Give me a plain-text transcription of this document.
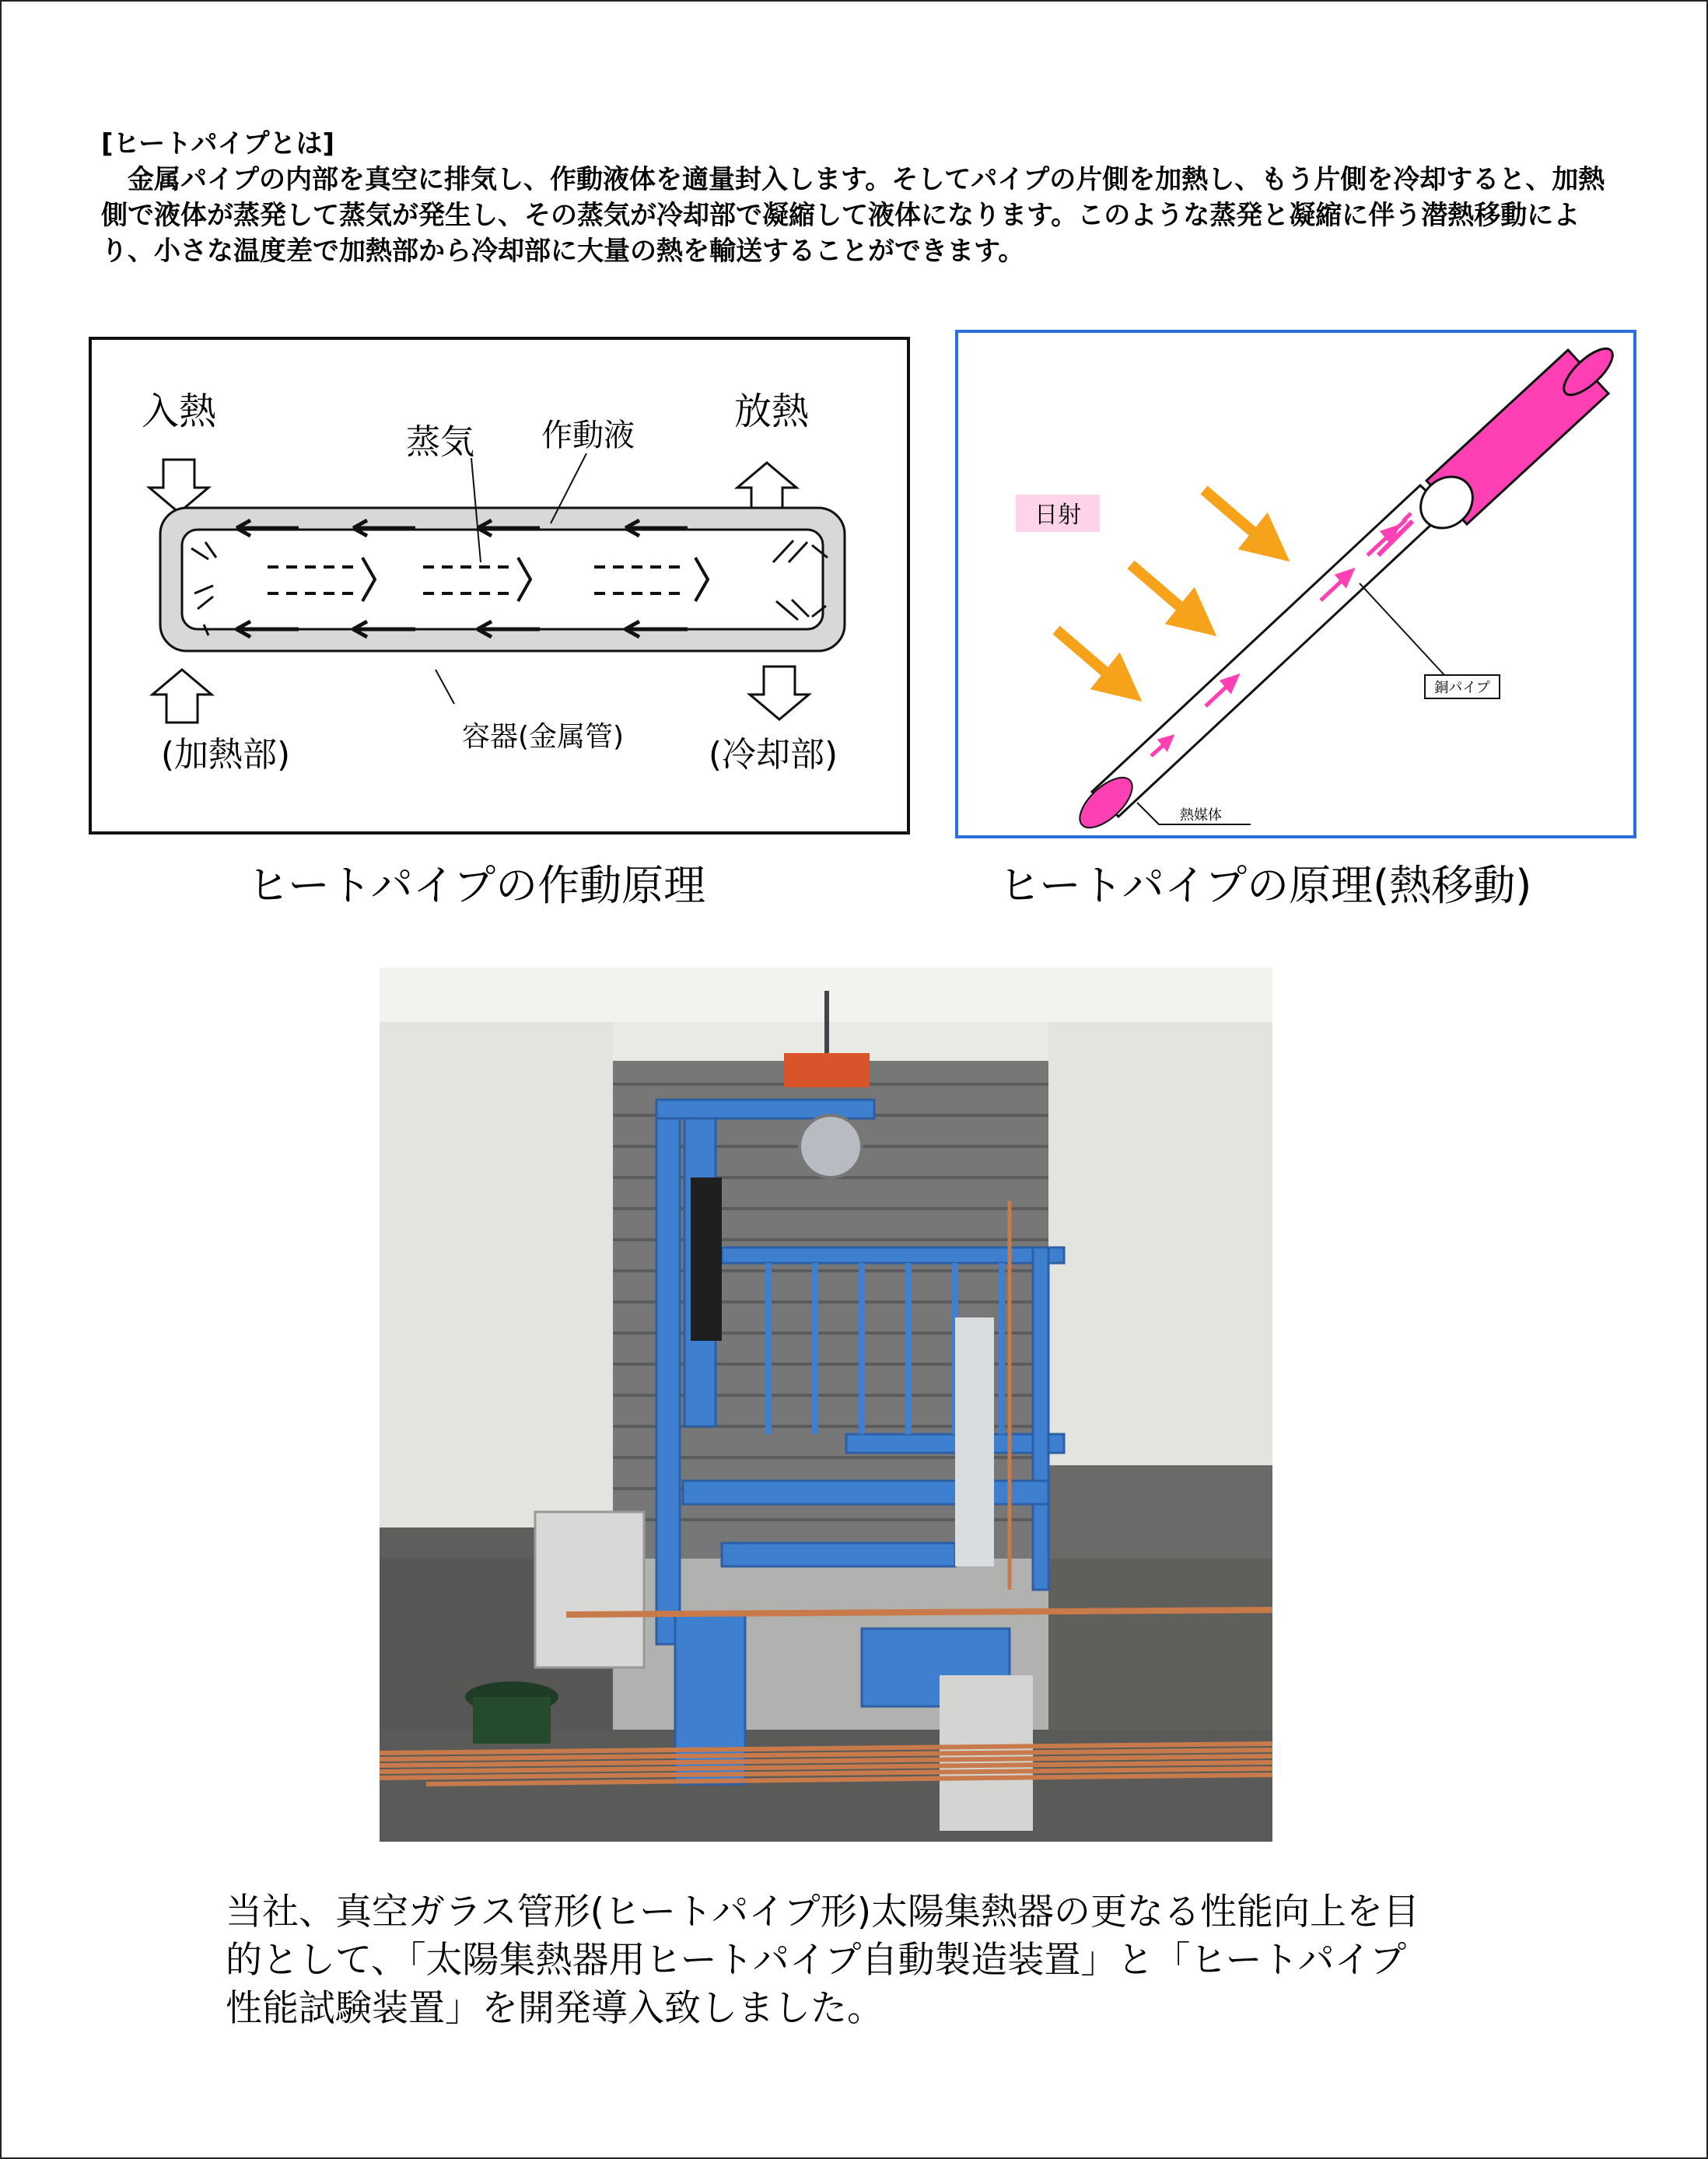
[ヒートパイプとは]
金属パイプの内部を真空に排気し、作動液体を適量封入します。そしてパイプの片側を加熱し、もう片側を冷却すると、加熱側で液体が蒸発して蒸気が発生し、その蒸気が冷却部で凝縮して液体になります。このような蒸発と凝縮に伴う潜熱移動により、小さな温度差で加熱部から冷却部に大量の熱を輸送することができます。
入熱	放熱
蒸気 作動液
(加熱部)	容器(金属管) (冷却部)
日射
銅パイプ
熱媒体
ヒートパイプの作動原理	ヒートパイプの原理(熱移動)
当社、真空ガラス管形(ヒートパイプ形)太陽集熱器の更なる性能向上を目的として、「太陽集熱器用ヒートパイプ自動製造装置」と「ヒートパイプ性能試験装置」を開発導入致しました。
